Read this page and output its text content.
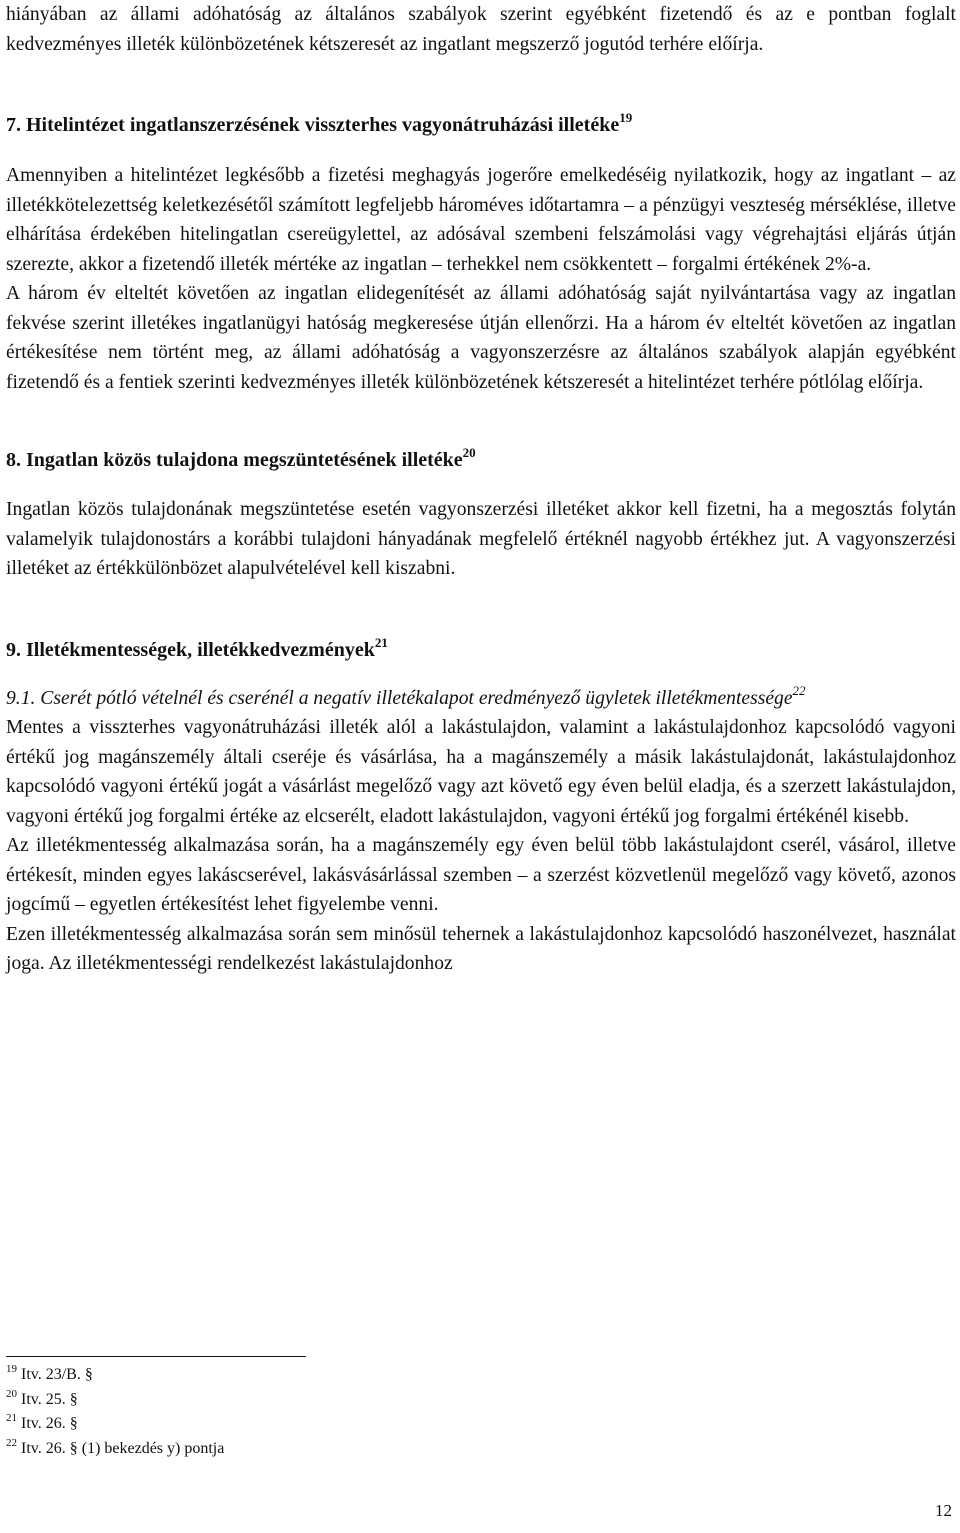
hiányában az állami adóhatóság az általános szabályok szerint egyébként fizetendő és az e pontban foglalt kedvezményes illeték különbözetének kétszeresét az ingatlant megszerző jogutód terhére előírja.

7. Hitelintézet ingatlanszerzésének visszterhes vagyonátruházási illetéke$^{19}$

Amennyiben a hitelintézet legkésőbb a fizetési meghagyás jogerőre emelkedéséig nyilatkozik, hogy az ingatlant – az illetékkötelezettség keletkezésétől számított legfeljebb hároméves időtartamra – a pénzügyi veszteség mérséklése, illetve elhárítása érdekében hitelingatlan csereügylettel, az adósával szembeni felszámolási vagy végrehajtási eljárás útján szerezte, akkor a fizetendő illeték mértéke az ingatlan – terhekkel nem csökkentett – forgalmi értékének 2%-a.

A három év elteltét követően az ingatlan elidegenítését az állami adóhatóság saját nyilvántartása vagy az ingatlan fekvése szerint illetékes ingatlanügyi hatóság megkeresése útján ellenőrzi. Ha a három év elteltét követően az ingatlan értékesítése nem történt meg, az állami adóhatóság a vagyonszerzésre az általános szabályok alapján egyébként fizetendő és a fentiek szerinti kedvezményes illeték különbözetének kétszeresét a hitelintézet terhére pótlólag előírja.

8. Ingatlan közös tulajdona megszüntetésének illetéke$^{20}$

Ingatlan közös tulajdonának megszüntetése esetén vagyonszerzési illetéket akkor kell fizetni, ha a megosztás folytán valamelyik tulajdonostárs a korábbi tulajdoni hányadának megfelelő értéknél nagyobb értékhez jut. A vagyonszerzési illetéket az értékkülönbözet alapulvételével kell kiszabni.

9. Illetékmentességek, illetékkedvezmények$^{21}$

9.1. Cserét pótló vételnél és cserénél a negatív illetékalapot eredményező ügyletek illetékmentessége$^{22}$

Mentes a visszterhes vagyonátruházási illeték alól a lakástulajdon, valamint a lakástulajdonhoz kapcsolódó vagyoni értékű jog magánszemély általi cseréje és vásárlása, ha a magánszemély a másik lakástulajdonát, lakástulajdonhoz kapcsolódó vagyoni értékű jogát a vásárlást megelőző vagy azt követő egy éven belül eladja, és a szerzett lakástulajdon, vagyoni értékű jog forgalmi értéke az elcserélt, eladott lakástulajdon, vagyoni értékű jog forgalmi értékénél kisebb.

Az illetékmentesség alkalmazása során, ha a magánszemély egy éven belül több lakástulajdont cserél, vásárol, illetve értékesít, minden egyes lakáscserével, lakásvásárlással szemben – a szerzést közvetlenül megelőző vagy követő, azonos jogcímű – egyetlen értékesítést lehet figyelembe venni.

Ezen illetékmentesség alkalmazása során sem minősül tehernek a lakástulajdonhoz kapcsolódó haszonélvezet, használat joga. Az illetékmentességi rendelkezést lakástulajdonhoz

$^{19}$ Itv. 23/B. §
$^{20}$ Itv. 25. §
$^{21}$ Itv. 26. §
$^{22}$ Itv. 26. § (1) bekezdés y) pontja
12
